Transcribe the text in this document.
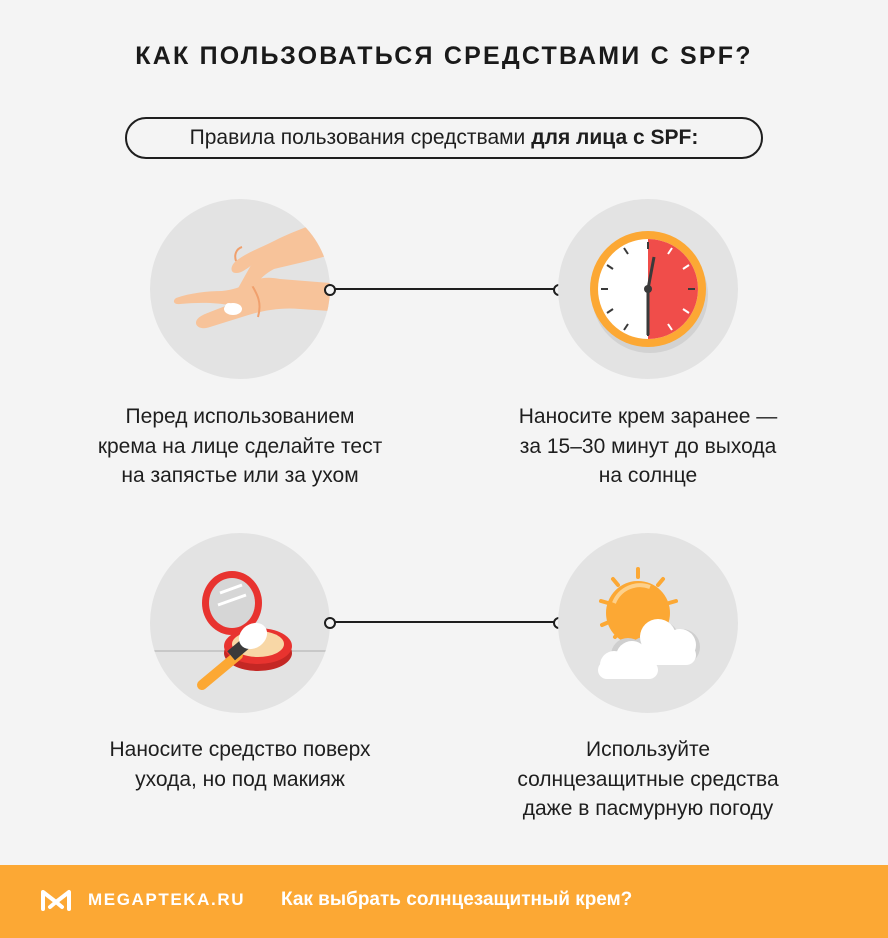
КАК ПОЛЬЗОВАТЬСЯ СРЕДСТВАМИ С SPF?
Правила пользования средствами для лица с SPF:
Перед использованием
крема на лице сделайте тест
на запястье или за ухом
Наносите крем заранее —
за 15–30 минут до выхода
на солнце
Наносите средство поверх
ухода, но под макияж
Используйте
солнцезащитные средства
даже в пасмурную погоду
MEGAPTEKA.RU Как выбрать солнцезащитный крем?
